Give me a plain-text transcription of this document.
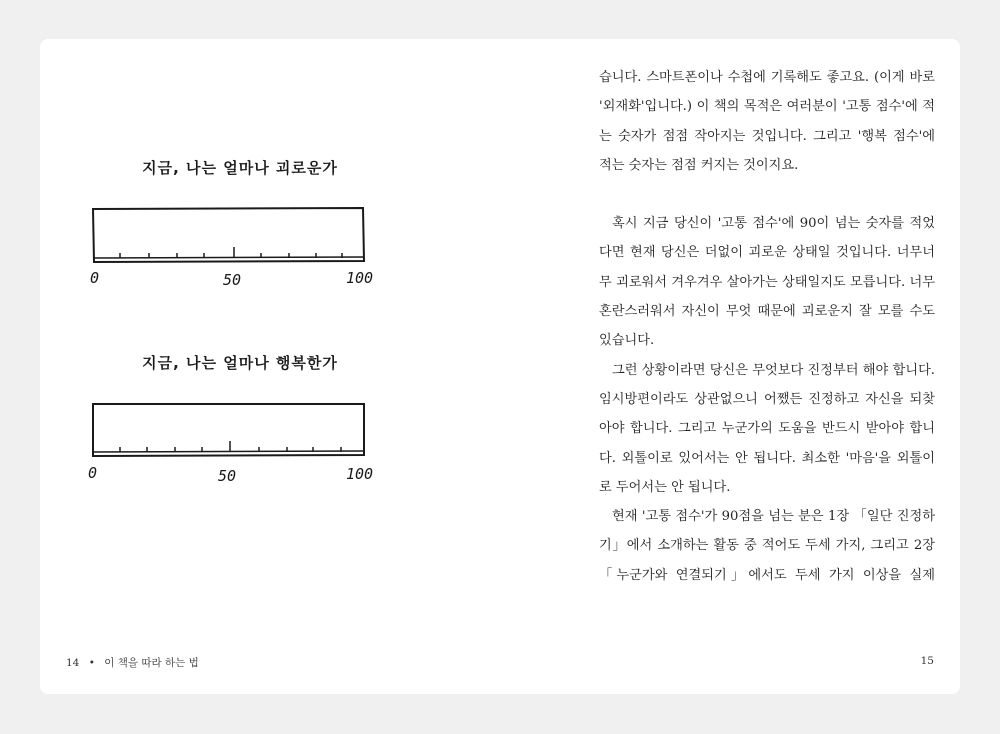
지금, 나는 얼마나 괴로운가
0	50	100
지금, 나는 얼마나 행복한가
0	50	100
14 • 이 책을 따라 하는 법

습니다. 스마트폰이나 수첩에 기록해도 좋고요. (이게 바로 '외재화'입니다.) 이 책의 목적은 여러분이 '고통 점수'에 적는 숫자가 점점 작아지는 것입니다. 그리고 '행복 점수'에 적는 숫자는 점점 커지는 것이지요.

혹시 지금 당신이 '고통 점수'에 90이 넘는 숫자를 적었다면 현재 당신은 더없이 괴로운 상태일 것입니다. 너무너무 괴로워서 겨우겨우 살아가는 상태일지도 모릅니다. 너무 혼란스러워서 자신이 무엇 때문에 괴로운지 잘 모를 수도 있습니다.

그런 상황이라면 당신은 무엇보다 진정부터 해야 합니다. 임시방편이라도 상관없으니 어쨌든 진정하고 자신을 되찾아야 합니다. 그리고 누군가의 도움을 반드시 받아야 합니다. 외톨이로 있어서는 안 됩니다. 최소한 '마음'을 외톨이로 두어서는 안 됩니다.

현재 '고통 점수'가 90점을 넘는 분은 1장 「일단 진정하기」에서 소개하는 활동 중 적어도 두세 가지, 그리고 2장 「누군가와 연결되기」에서도 두세 가지 이상을 실제

15
